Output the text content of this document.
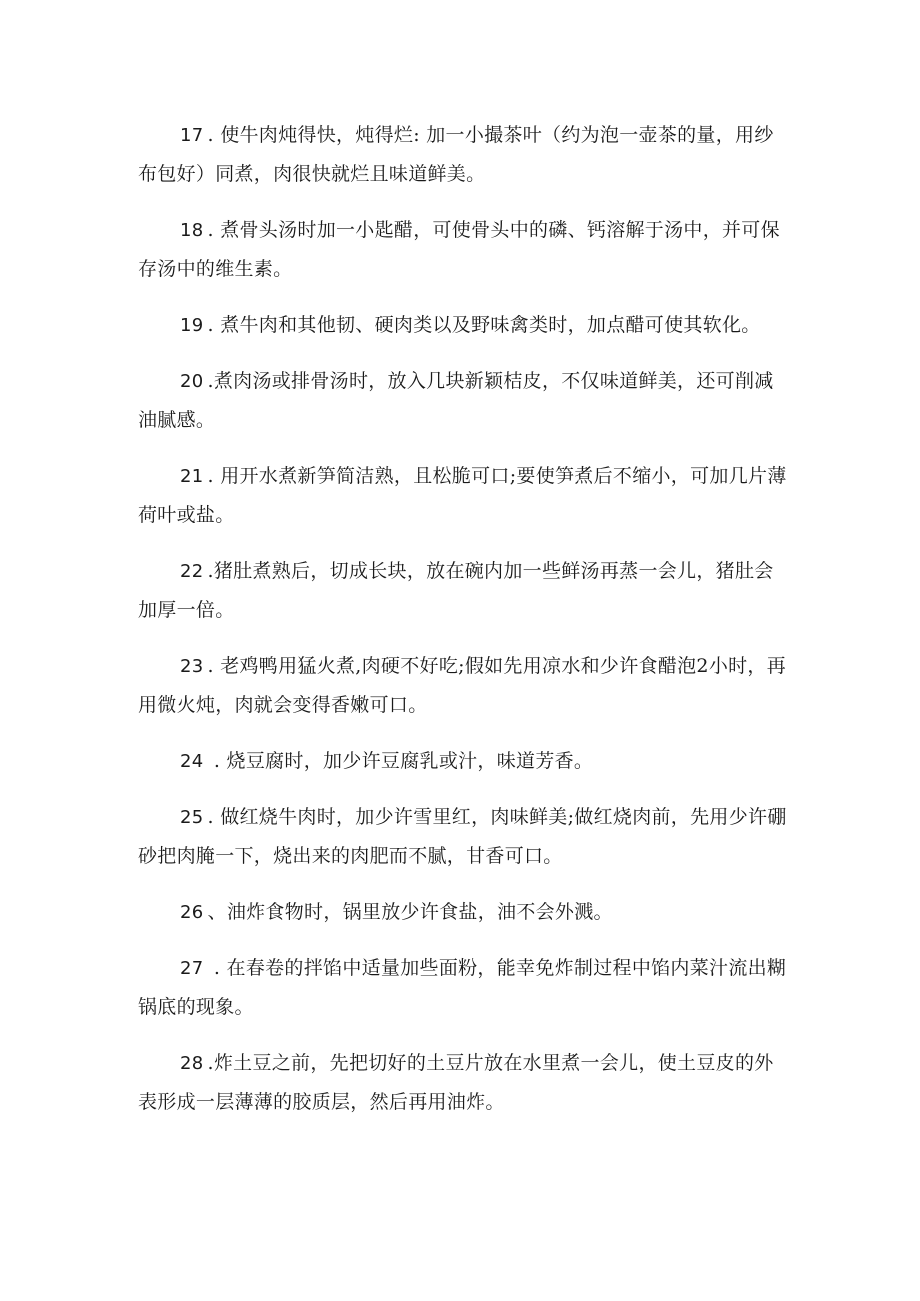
17 . 使牛肉炖得快，炖得烂: 加一小撮茶叶（约为泡一壶茶的量，用纱布包好）同煮，肉很快就烂且味道鲜美。

18 . 煮骨头汤时加一小匙醋，可使骨头中的磷、钙溶解于汤中，并可保存汤中的维生素。

19 . 煮牛肉和其他韧、硬肉类以及野味禽类时，加点醋可使其软化。

20 .煮肉汤或排骨汤时，放入几块新颖桔皮，不仅味道鲜美，还可削减油腻感。

21 . 用开水煮新笋简洁熟，且松脆可口;要使笋煮后不缩小，可加几片薄荷叶或盐。

22 .猪肚煮熟后，切成长块，放在碗内加一些鲜汤再蒸一会儿，猪肚会加厚一倍。

23 . 老鸡鸭用猛火煮,肉硬不好吃;假如先用凉水和少许食醋泡2小时，再用微火炖，肉就会变得香嫩可口。

24 . 烧豆腐时，加少许豆腐乳或汁，味道芳香。

25 . 做红烧牛肉时，加少许雪里红，肉味鲜美;做红烧肉前，先用少许硼砂把肉腌一下，烧出来的肉肥而不腻，甘香可口。

26 、油炸食物时，锅里放少许食盐，油不会外溅。

27 . 在春卷的拌馅中适量加些面粉，能幸免炸制过程中馅内菜汁流出糊锅底的现象。

28 .炸土豆之前，先把切好的土豆片放在水里煮一会儿，使土豆皮的外表形成一层薄薄的胶质层，然后再用油炸。
